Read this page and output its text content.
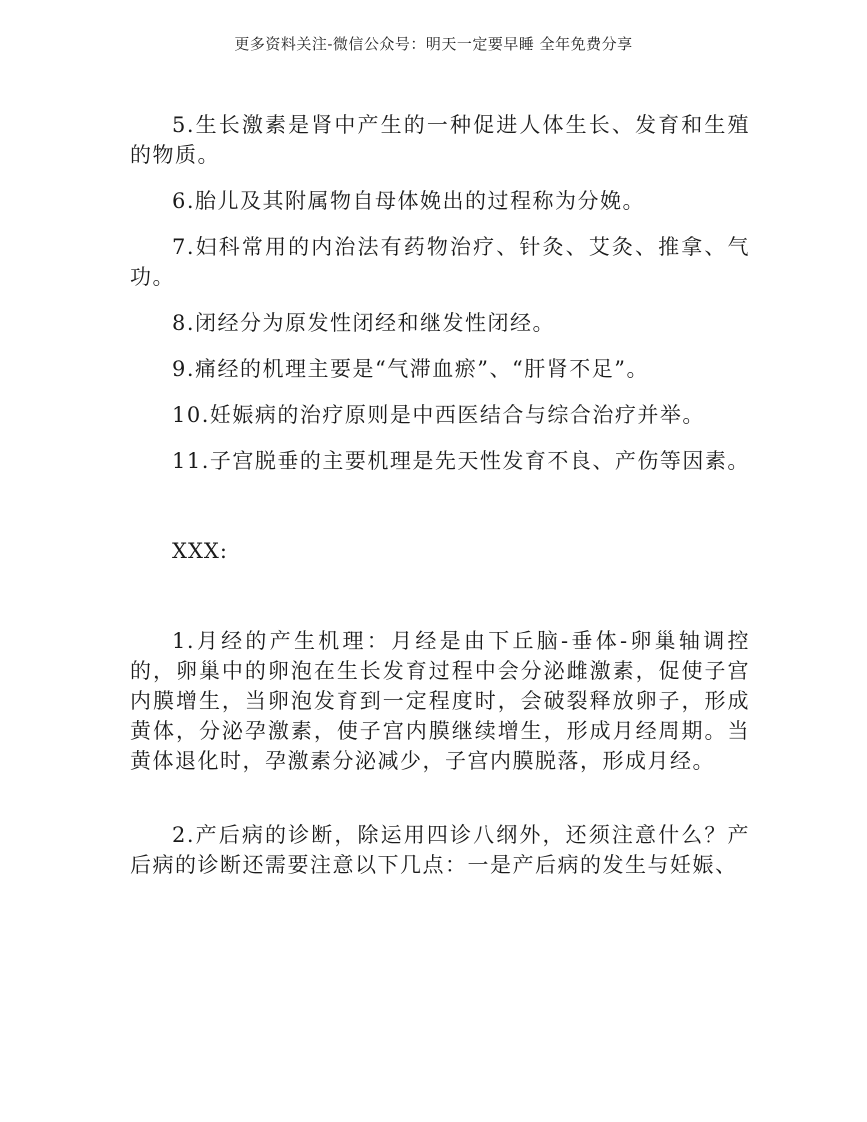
更多资料关注-微信公众号：明天一定要早睡 全年免费分享

5.生长激素是肾中产生的一种促进人体生长、发育和生殖的物质。

6.胎儿及其附属物自母体娩出的过程称为分娩。

7.妇科常用的内治法有药物治疗、针灸、艾灸、推拿、气功。

8.闭经分为原发性闭经和继发性闭经。

9.痛经的机理主要是“气滞血瘀”、“肝肾不足”。

10.妊娠病的治疗原则是中西医结合与综合治疗并举。

11.子宫脱垂的主要机理是先天性发育不良、产伤等因素。

XXX:

1.月经的产生机理：月经是由下丘脑-垂体-卵巢轴调控的，卵巢中的卵泡在生长发育过程中会分泌雌激素，促使子宫内膜增生，当卵泡发育到一定程度时，会破裂释放卵子，形成黄体，分泌孕激素，使子宫内膜继续增生，形成月经周期。当黄体退化时，孕激素分泌减少，子宫内膜脱落，形成月经。

2.产后病的诊断，除运用四诊八纲外，还须注意什么？产后病的诊断还需要注意以下几点：一是产后病的发生与妊娠、
